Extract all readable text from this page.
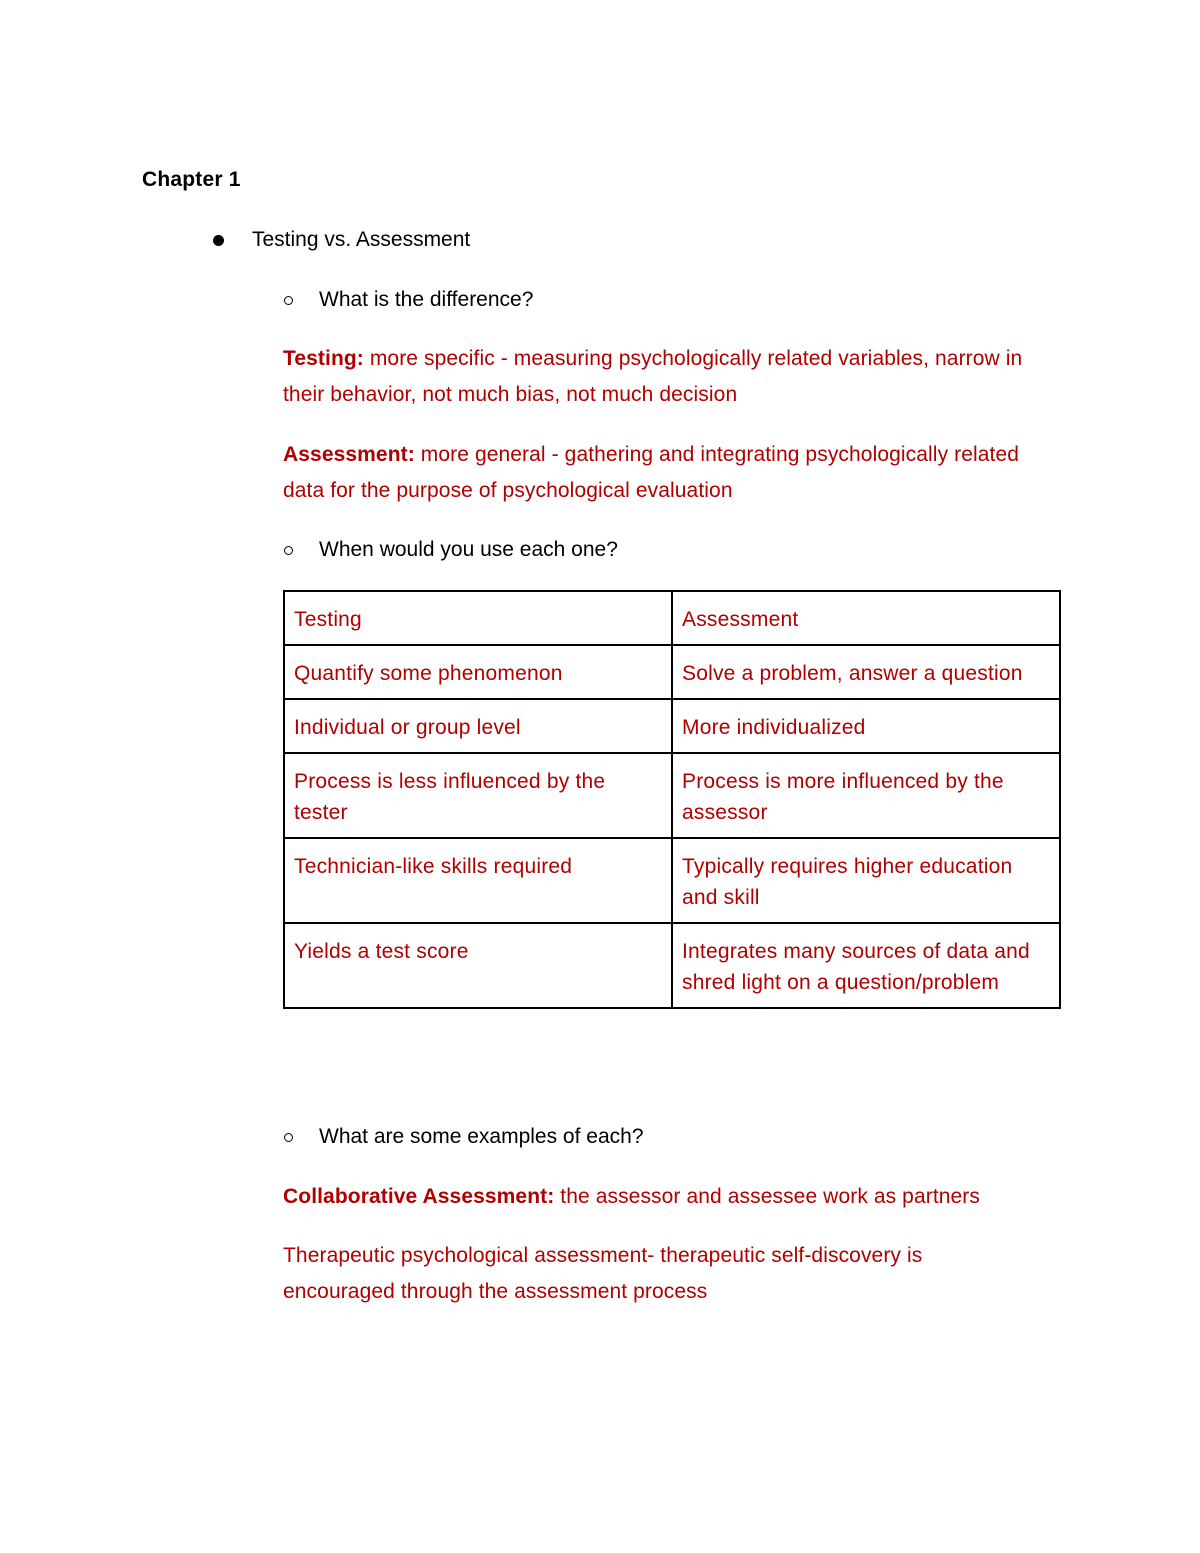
Chapter 1
Testing vs. Assessment
What is the difference?
Testing: more specific - measuring psychologically related variables, narrow in their behavior, not much bias, not much decision
Assessment: more general - gathering and integrating psychologically related data for the purpose of psychological evaluation
When would you use each one?
Testing	Assessment
Quantify some phenomenon	Solve a problem, answer a question
Individual or group level	More individualized
Process is less influenced by the tester	Process is more influenced by the assessor
Technician-like skills required	Typically requires higher education and skill
Yields a test score	Integrates many sources of data and shred light on a question/problem
What are some examples of each?
Collaborative Assessment: the assessor and assessee work as partners
Therapeutic psychological assessment- therapeutic self-discovery is encouraged through the assessment process
